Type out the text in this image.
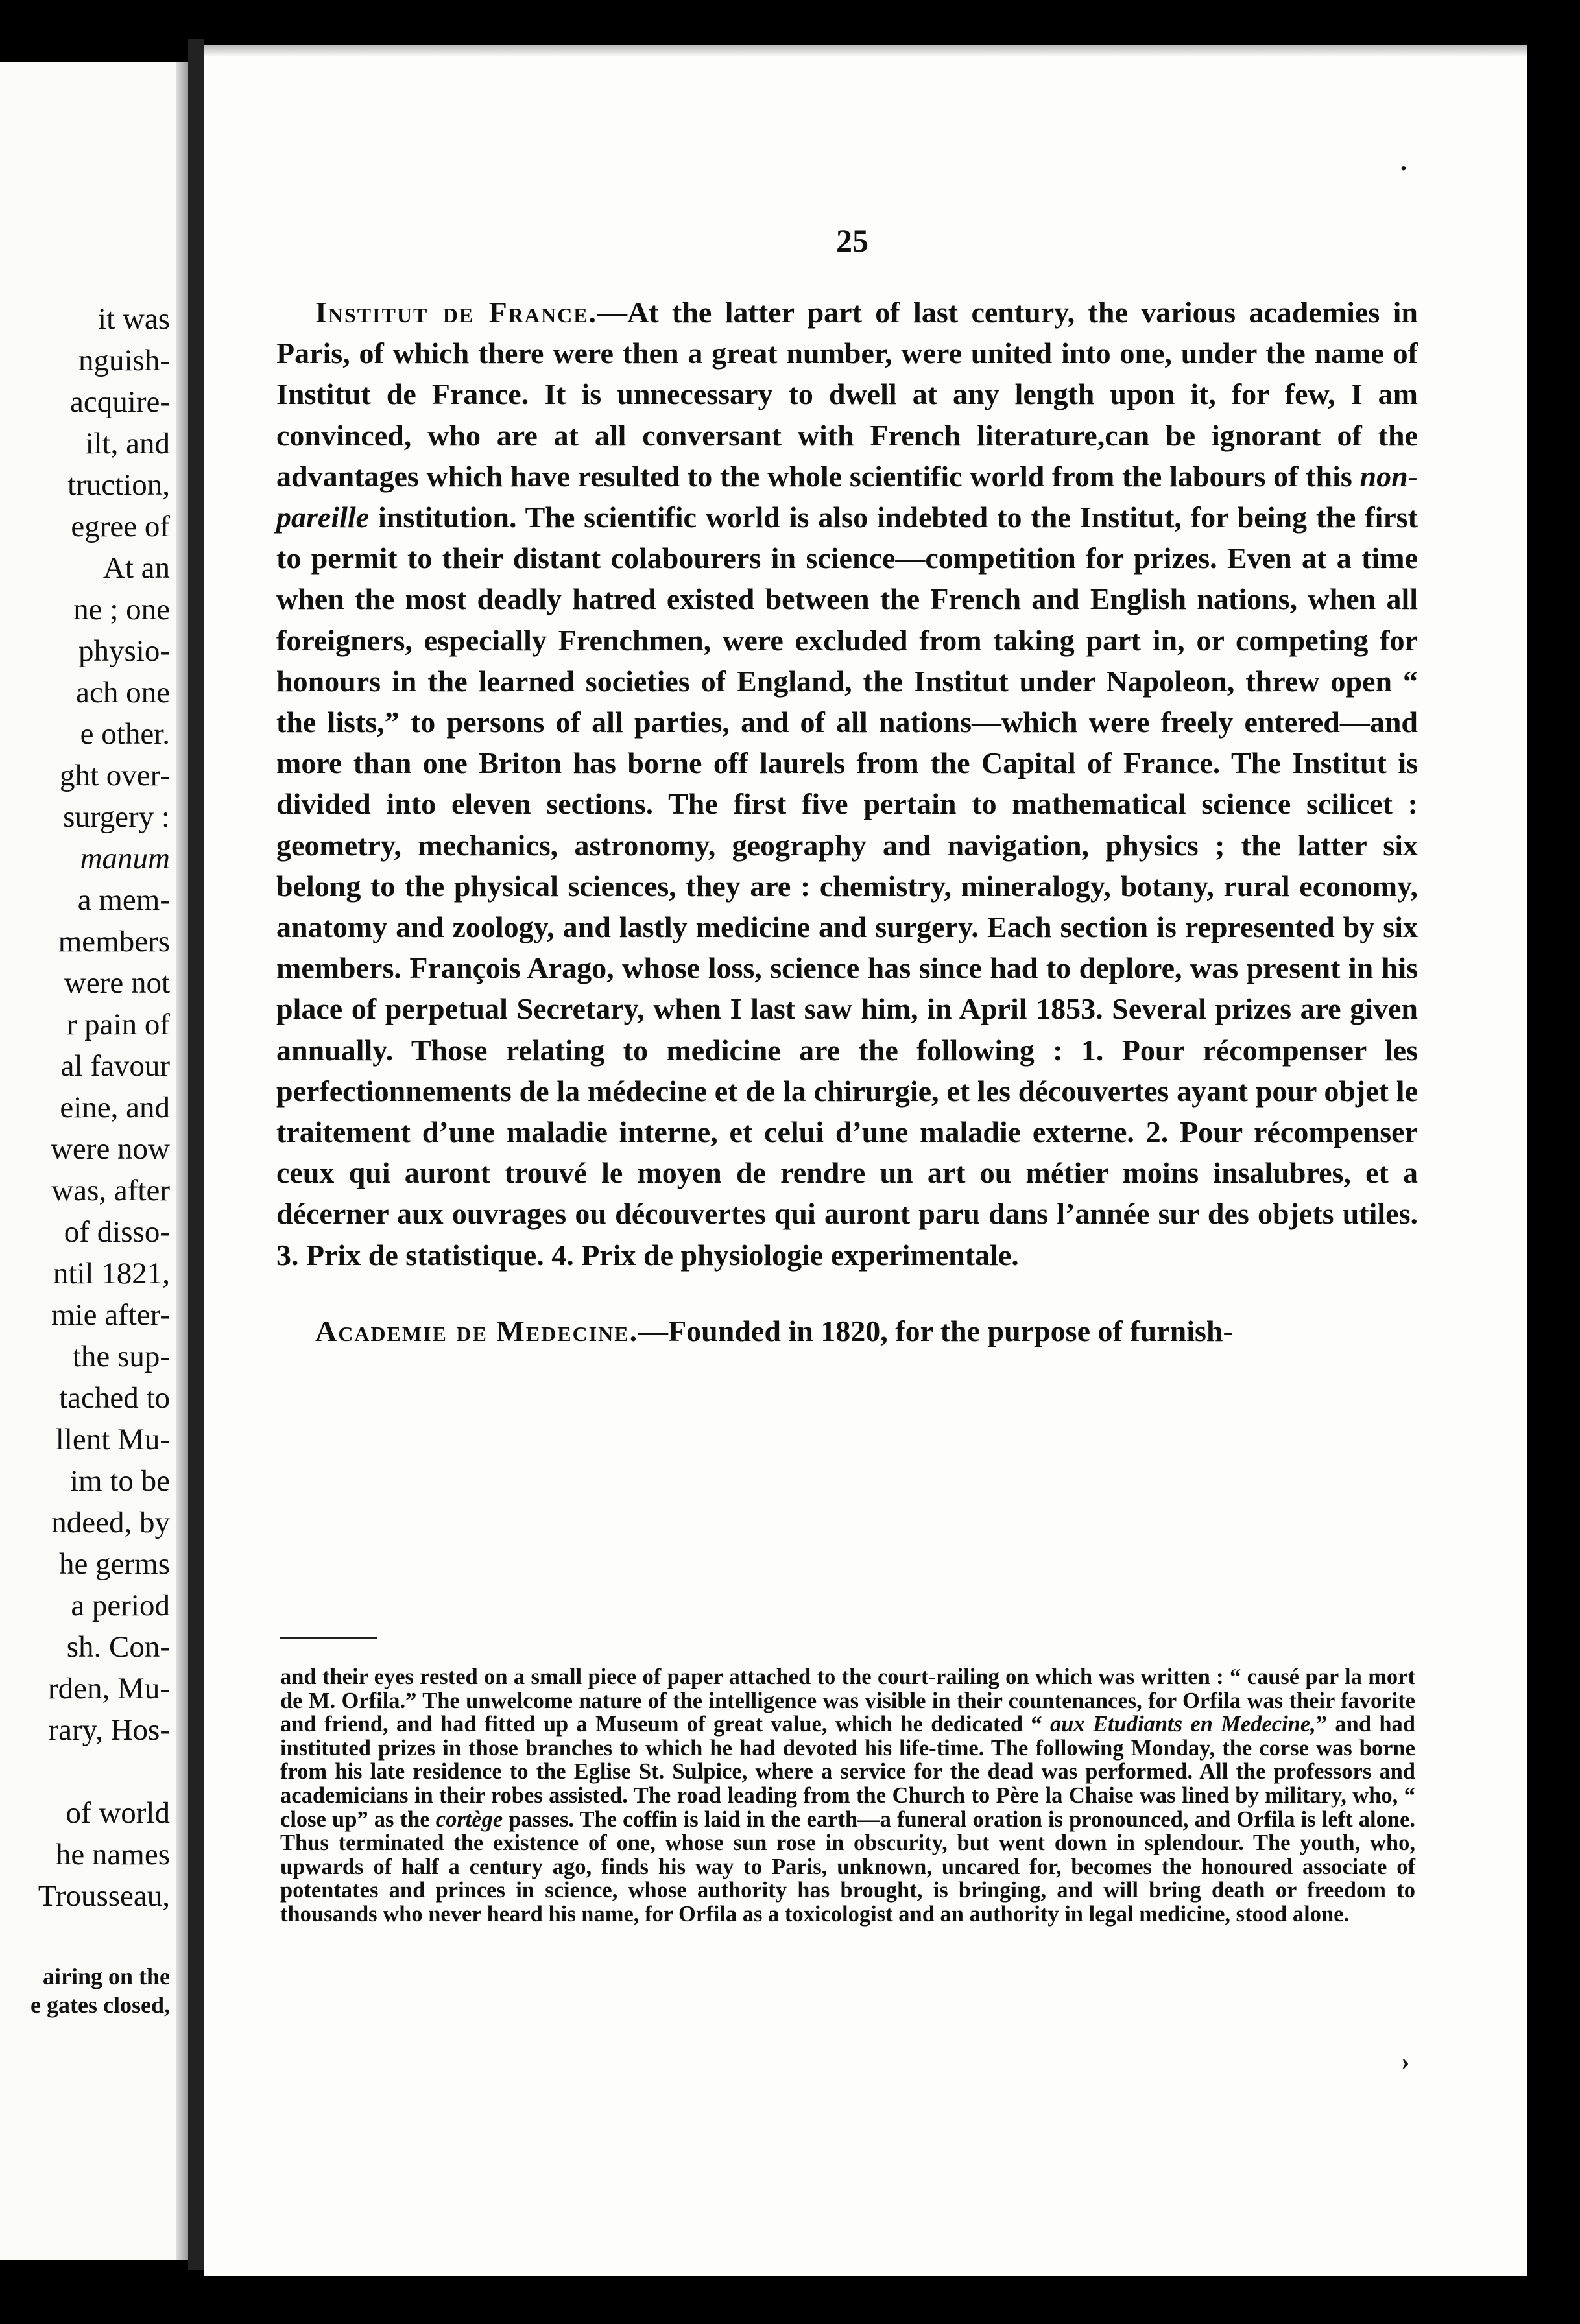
it was
nguish-
acquire-
ilt, and
truction,
egree of
At an
ne ; one
physio-
ach one
e other.
ght over-
surgery :
manum
a mem-
members
were not
r pain of
al favour
eine, and
were now
was, after
of disso-
ntil 1821,
mie after-
the sup-
tached to
llent Mu-
im to be
ndeed, by
he germs
a period
sh. Con-
rden, Mu-
rary, Hos-
of world
he names
Trousseau,
airing on the
e gates closed,
25

Institut de France.—At the latter part of last century, the various academies in Paris, of which there were then a great number, were united into one, under the name of Institut de France. It is unnecessary to dwell at any length upon it, for few, I am convinced, who are at all conversant with French literature,can be ignorant of the advantages which have resulted to the whole scientific world from the labours of this non-pareille institution. The scientific world is also indebted to the Institut, for being the first to permit to their distant colabourers in science—competition for prizes. Even at a time when the most deadly hatred existed between the French and English nations, when all foreigners, especially Frenchmen, were excluded from taking part in, or competing for honours in the learned societies of England, the Institut under Napoleon, threw open “ the lists,” to persons of all parties, and of all nations—which were freely entered—and more than one Briton has borne off laurels from the Capital of France. The Institut is divided into eleven sections. The first five pertain to mathematical science scilicet : geometry, mechanics, astronomy, geography and navigation, physics ; the latter six belong to the physical sciences, they are : chemistry, mineralogy, botany, rural economy, anatomy and zoology, and lastly medicine and surgery. Each section is represented by six members. François Arago, whose loss, science has since had to deplore, was present in his place of perpetual Secretary, when I last saw him, in April 1853. Several prizes are given annually. Those relating to medicine are the following : 1. Pour récompenser les perfectionnements de la médecine et de la chirurgie, et les découvertes ayant pour objet le traitement d’une maladie interne, et celui d’une maladie externe. 2. Pour récompenser ceux qui auront trouvé le moyen de rendre un art ou métier moins insalubres, et a décerner aux ouvrages ou découvertes qui auront paru dans l’année sur des objets utiles. 3. Prix de statistique. 4. Prix de physiologie experimentale.

Academie de Medecine.—Founded in 1820, for the purpose of furnish-

and their eyes rested on a small piece of paper attached to the court-railing on which was written : “ causé par la mort de M. Orfila.” The unwelcome nature of the intelligence was visible in their countenances, for Orfila was their favorite and friend, and had fitted up a Museum of great value, which he dedicated “ aux Etudiants en Medecine,” and had instituted prizes in those branches to which he had devoted his life-time. The following Monday, the corse was borne from his late residence to the Eglise St. Sulpice, where a service for the dead was performed. All the professors and academicians in their robes assisted. The road leading from the Church to Père la Chaise was lined by military, who, “ close up” as the cortège passes. The coffin is laid in the earth—a funeral oration is pronounced, and Orfila is left alone. Thus terminated the existence of one, whose sun rose in obscurity, but went down in splendour. The youth, who, upwards of half a century ago, finds his way to Paris, unknown, uncared for, becomes the honoured associate of potentates and princes in science, whose authority has brought, is bringing, and will bring death or freedom to thousands who never heard his name, for Orfila as a toxicologist and an authority in legal medicine, stood alone.

.
›
